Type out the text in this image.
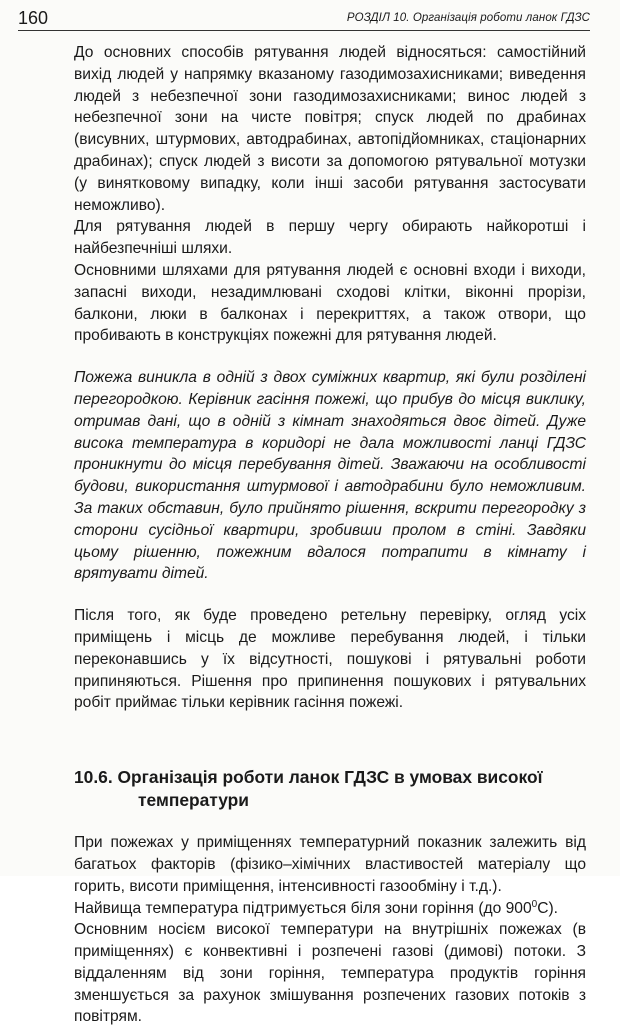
160	РОЗДІЛ 10. Організація роботи ланок ГДЗС

До основних способів рятування людей відносяться: самостійний вихід людей у напрямку вказаному газодимозахисниками; виведення людей з небезпечної зони газодимозахисниками; винос людей з небезпечної зони на чисте повітря; спуск людей по драбинах (висувних, штурмових, автодрабинах, автопідйомниках, стаціонарних драбинах); спуск людей з висоти за допомогою рятувальної мотузки (у винятковому випадку, коли інші засоби рятування застосувати неможливо).

Для рятування людей в першу чергу обирають найкоротші і найбезпечніші шляхи.

Основними шляхами для рятування людей є основні входи і виходи, запасні виходи, незадимлювані сходові клітки, віконні прорізи, балкони, люки в балконах і перекриттях, а також отвори, що пробивають в конструкціях пожежні для рятування людей.

Пожежа виникла в одній з двох суміжних квартир, які були розділені перегородкою. Керівник гасіння пожежі, що прибув до місця виклику, отримав дані, що в одній з кімнат знаходяться двоє дітей. Дуже висока температура в коридорі не дала можливості ланці ГДЗС проникнути до місця перебування дітей. Зважаючи на особливості будови, використання штурмової і автодрабини було неможливим. За таких обставин, було прийнято рішення, вскрити перегородку з сторони сусідньої квартири, зробивши пролом в стіні. Завдяки цьому рішенню, пожежним вдалося потрапити в кімнату і врятувати дітей.

Після того, як буде проведено ретельну перевірку, огляд усіх приміщень і місць де можливе перебування людей, і тільки переконавшись у їх відсутності, пошукові і рятувальні роботи припиняються. Рішення про припинення пошукових і рятувальних робіт приймає тільки керівник гасіння пожежі.

10.6. Організація роботи ланок ГДЗС в умовах високої
температури

При пожежах у приміщеннях температурний показник залежить від багатьох факторів (фізико–хімічних властивостей матеріалу що горить, висоти приміщення, інтенсивності газообміну і т.д.).

Найвища температура підтримується біля зони горіння (до $900^0С$).

Основним носієм високої температури на внутрішніх пожежах (в приміщеннях) є конвективні і розпечені газові (димові) потоки. З віддаленням від зони горіння, температура продуктів горіння зменшується за рахунок змішування розпечених газових потоків з повітрям.
